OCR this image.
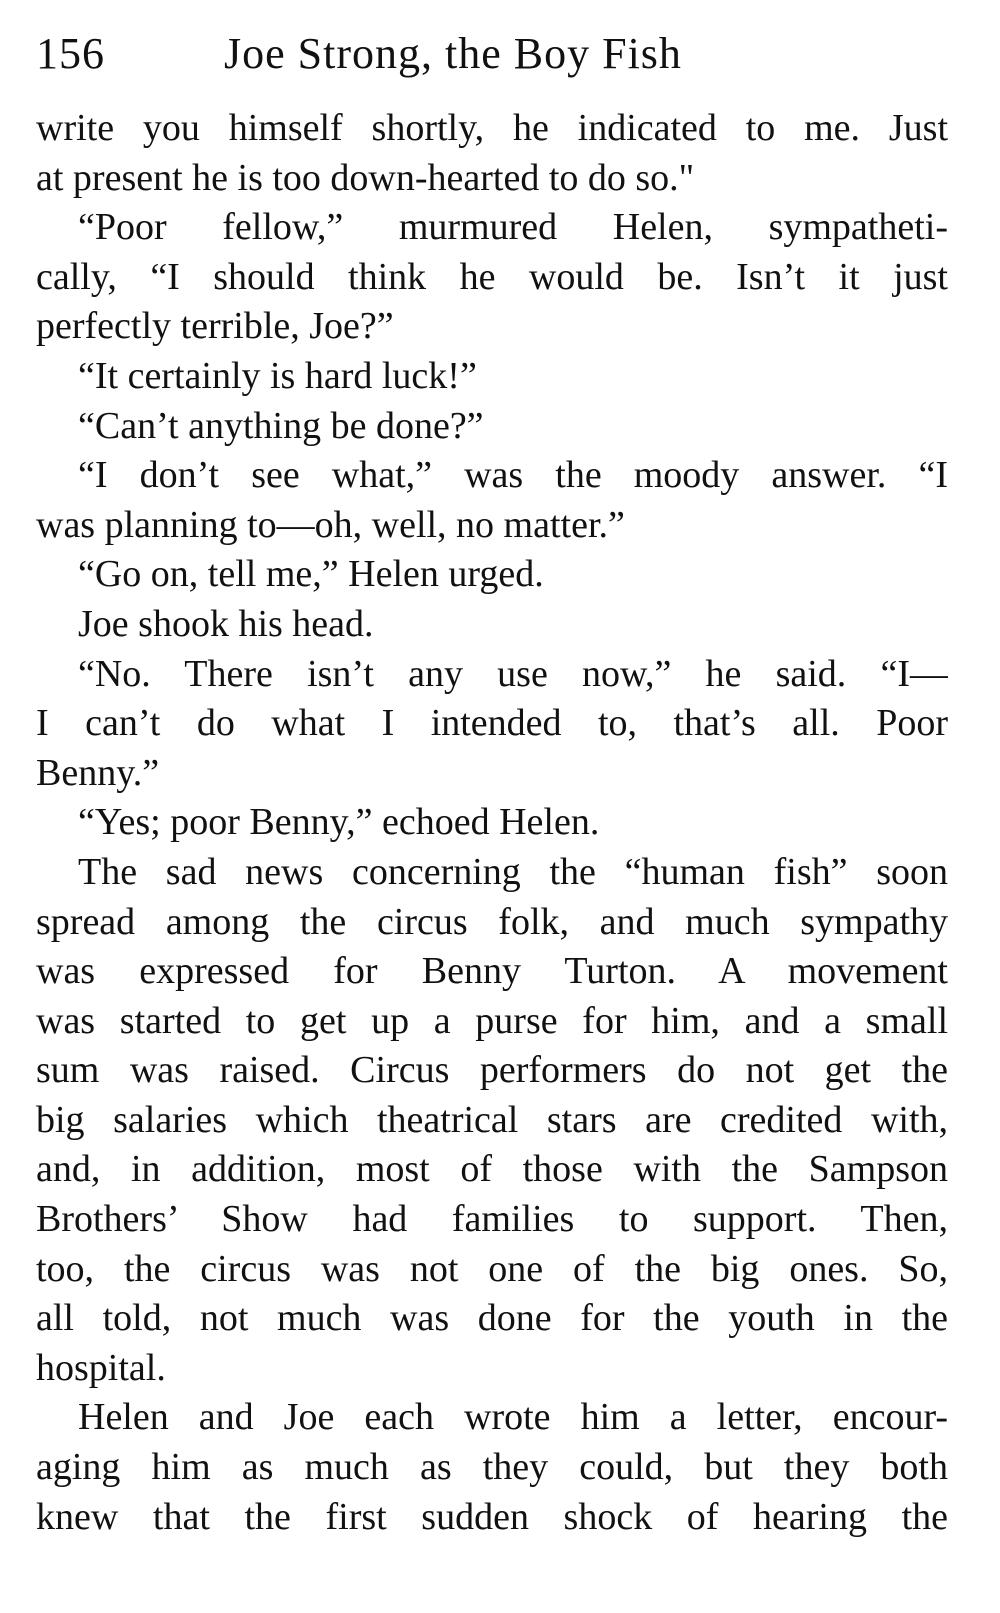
156	Joe Strong, the Boy Fish
write you himself shortly, he indicated to me. Just
at present he is too down-hearted to do so."
“Poor fellow,” murmured Helen, sympatheti-
cally, “I should think he would be. Isn’t it just
perfectly terrible, Joe?”
“It certainly is hard luck!”
“Can’t anything be done?”
“I don’t see what,” was the moody answer. “I
was planning to—oh, well, no matter.”
“Go on, tell me,” Helen urged.
Joe shook his head.
“No. There isn’t any use now,” he said. “I—
I can’t do what I intended to, that’s all. Poor
Benny.”
“Yes; poor Benny,” echoed Helen.
The sad news concerning the “human fish” soon
spread among the circus folk, and much sympathy
was expressed for Benny Turton. A movement
was started to get up a purse for him, and a small
sum was raised. Circus performers do not get the
big salaries which theatrical stars are credited with,
and, in addition, most of those with the Sampson
Brothers’ Show had families to support. Then,
too, the circus was not one of the big ones. So,
all told, not much was done for the youth in the
hospital.
Helen and Joe each wrote him a letter, encour-
aging him as much as they could, but they both
knew that the first sudden shock of hearing the
